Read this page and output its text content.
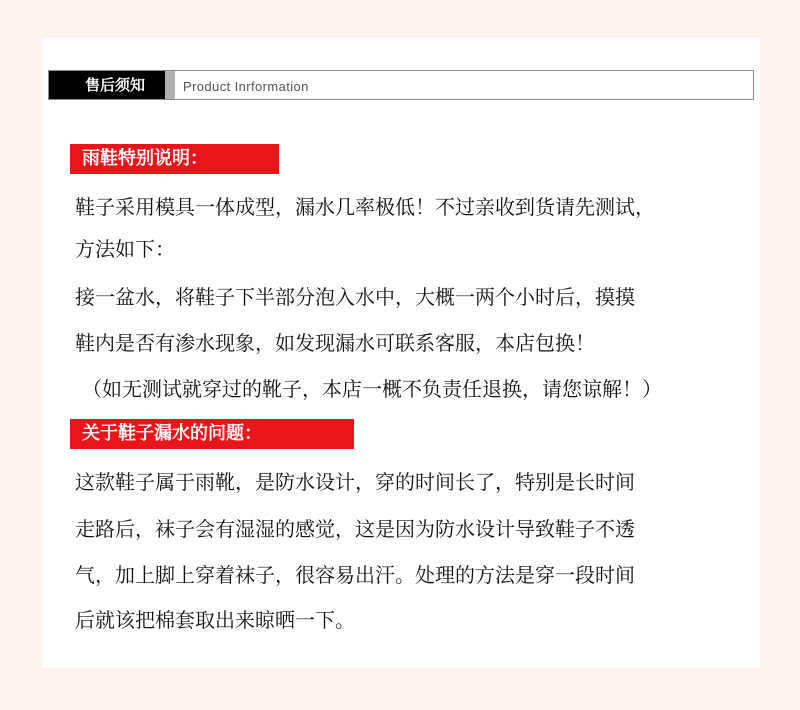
售后须知	Product Inrformation
雨鞋特别说明：
鞋子采用模具一体成型，漏水几率极低！不过亲收到货请先测试，
方法如下：
接一盆水，将鞋子下半部分泡入水中，大概一两个小时后，摸摸
鞋内是否有渗水现象，如发现漏水可联系客服，本店包换！
（如无测试就穿过的靴子，本店一概不负责任退换，请您谅解！）
关于鞋子漏水的问题：
这款鞋子属于雨靴，是防水设计，穿的时间长了，特别是长时间
走路后，袜子会有湿湿的感觉，这是因为防水设计导致鞋子不透
气，加上脚上穿着袜子，很容易出汗。处理的方法是穿一段时间
后就该把棉套取出来晾晒一下。
